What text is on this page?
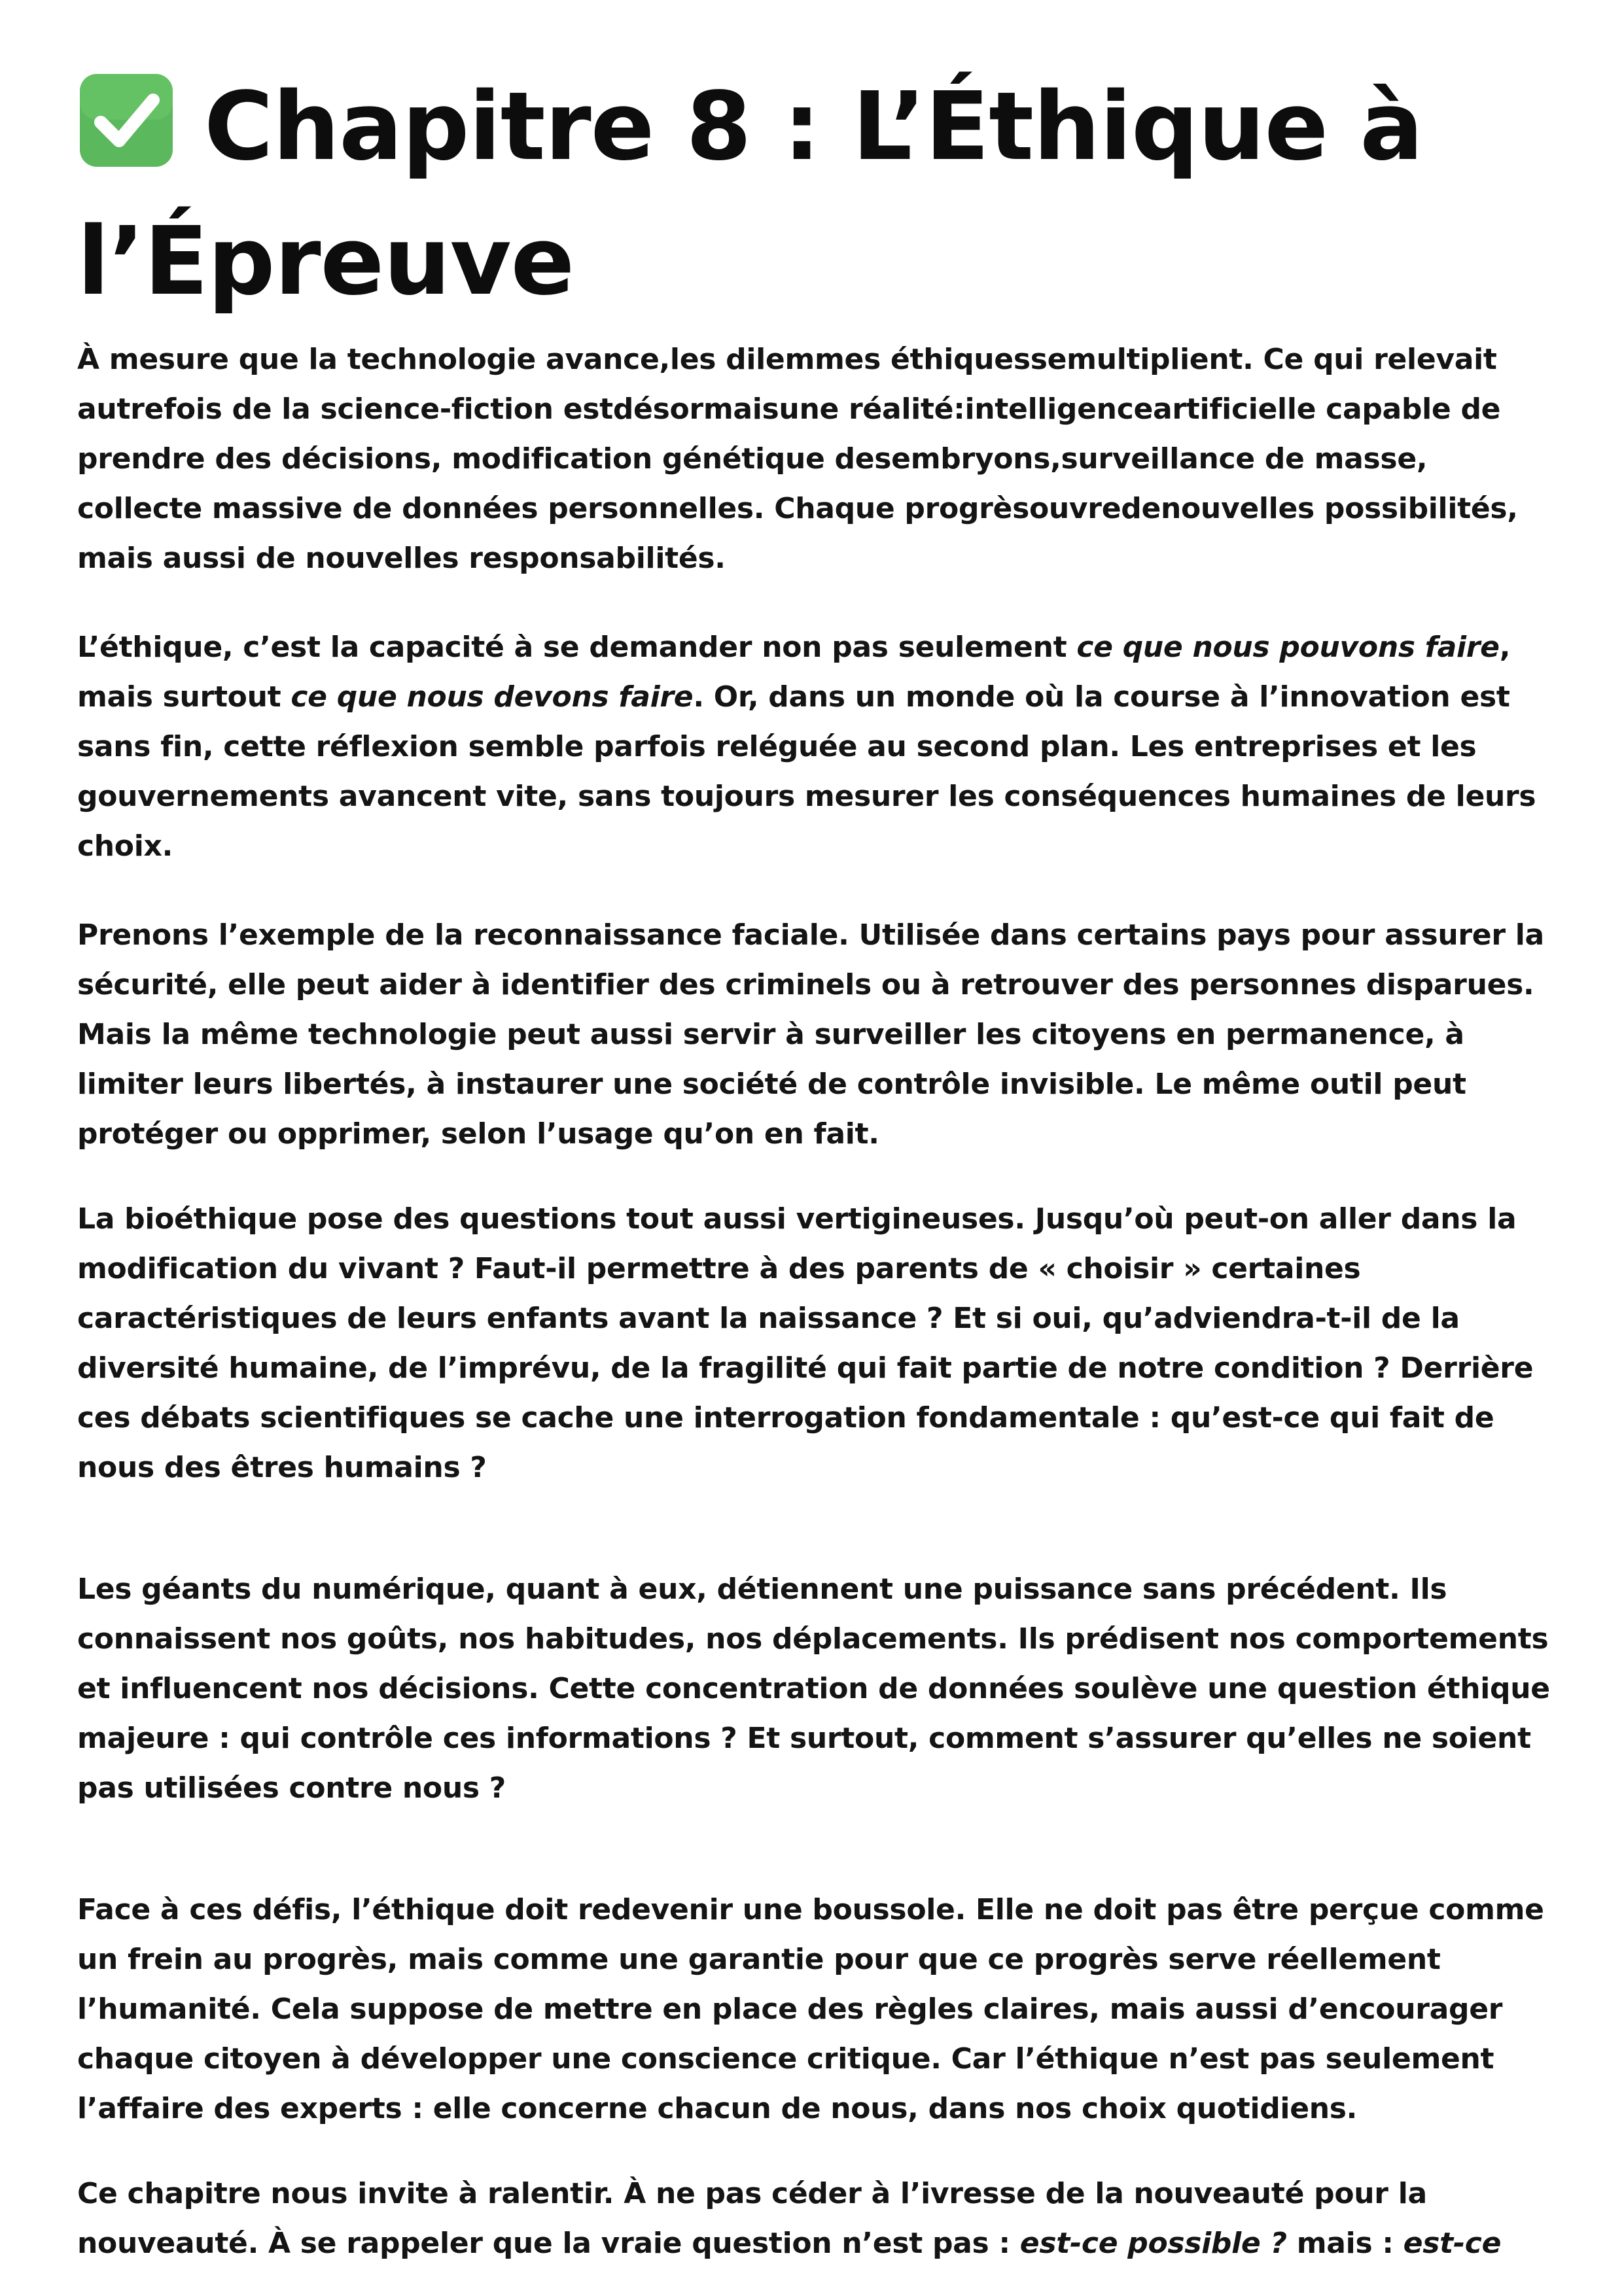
Chapitre 8 : L’Éthique à l’Épreuve

À mesure que la technologie avance,les dilemmes éthiquessemultiplient. Ce qui relevait autrefois de la science-fiction estdésormaisune réalité:intelligenceartificielle capable de prendre des décisions, modification génétique desembryons,surveillance de masse, collecte massive de données personnelles. Chaque progrèsouvredenouvelles possibilités, mais aussi de nouvelles responsabilités.

L’éthique, c’est la capacité à se demander non pas seulement ce que nous pouvons faire, mais surtout ce que nous devons faire. Or, dans un monde où la course à l’innovation est sans fin, cette réflexion semble parfois reléguée au second plan. Les entreprises et les gouvernements avancent vite, sans toujours mesurer les conséquences humaines de leurs choix.

Prenons l’exemple de la reconnaissance faciale. Utilisée dans certains pays pour assurer la sécurité, elle peut aider à identifier des criminels ou à retrouver des personnes disparues. Mais la même technologie peut aussi servir à surveiller les citoyens en permanence, à limiter leurs libertés, à instaurer une société de contrôle invisible. Le même outil peut protéger ou opprimer, selon l’usage qu’on en fait.

La bioéthique pose des questions tout aussi vertigineuses. Jusqu’où peut-on aller dans la modification du vivant ? Faut-il permettre à des parents de « choisir » certaines caractéristiques de leurs enfants avant la naissance ? Et si oui, qu’adviendra-t-il de la diversité humaine, de l’imprévu, de la fragilité qui fait partie de notre condition ? Derrière ces débats scientifiques se cache une interrogation fondamentale : qu’est-ce qui fait de nous des êtres humains ?

Les géants du numérique, quant à eux, détiennent une puissance sans précédent. Ils connaissent nos goûts, nos habitudes, nos déplacements. Ils prédisent nos comportements et influencent nos décisions. Cette concentration de données soulève une question éthique majeure : qui contrôle ces informations ? Et surtout, comment s’assurer qu’elles ne soient pas utilisées contre nous ?

Face à ces défis, l’éthique doit redevenir une boussole. Elle ne doit pas être perçue comme un frein au progrès, mais comme une garantie pour que ce progrès serve réellement l’humanité. Cela suppose de mettre en place des règles claires, mais aussi d’encourager chaque citoyen à développer une conscience critique. Car l’éthique n’est pas seulement l’affaire des experts : elle concerne chacun de nous, dans nos choix quotidiens.

Ce chapitre nous invite à ralentir. À ne pas céder à l’ivresse de la nouveauté pour la nouveauté. À se rappeler que la vraie question n’est pas : est-ce possible ? mais : est-ce
